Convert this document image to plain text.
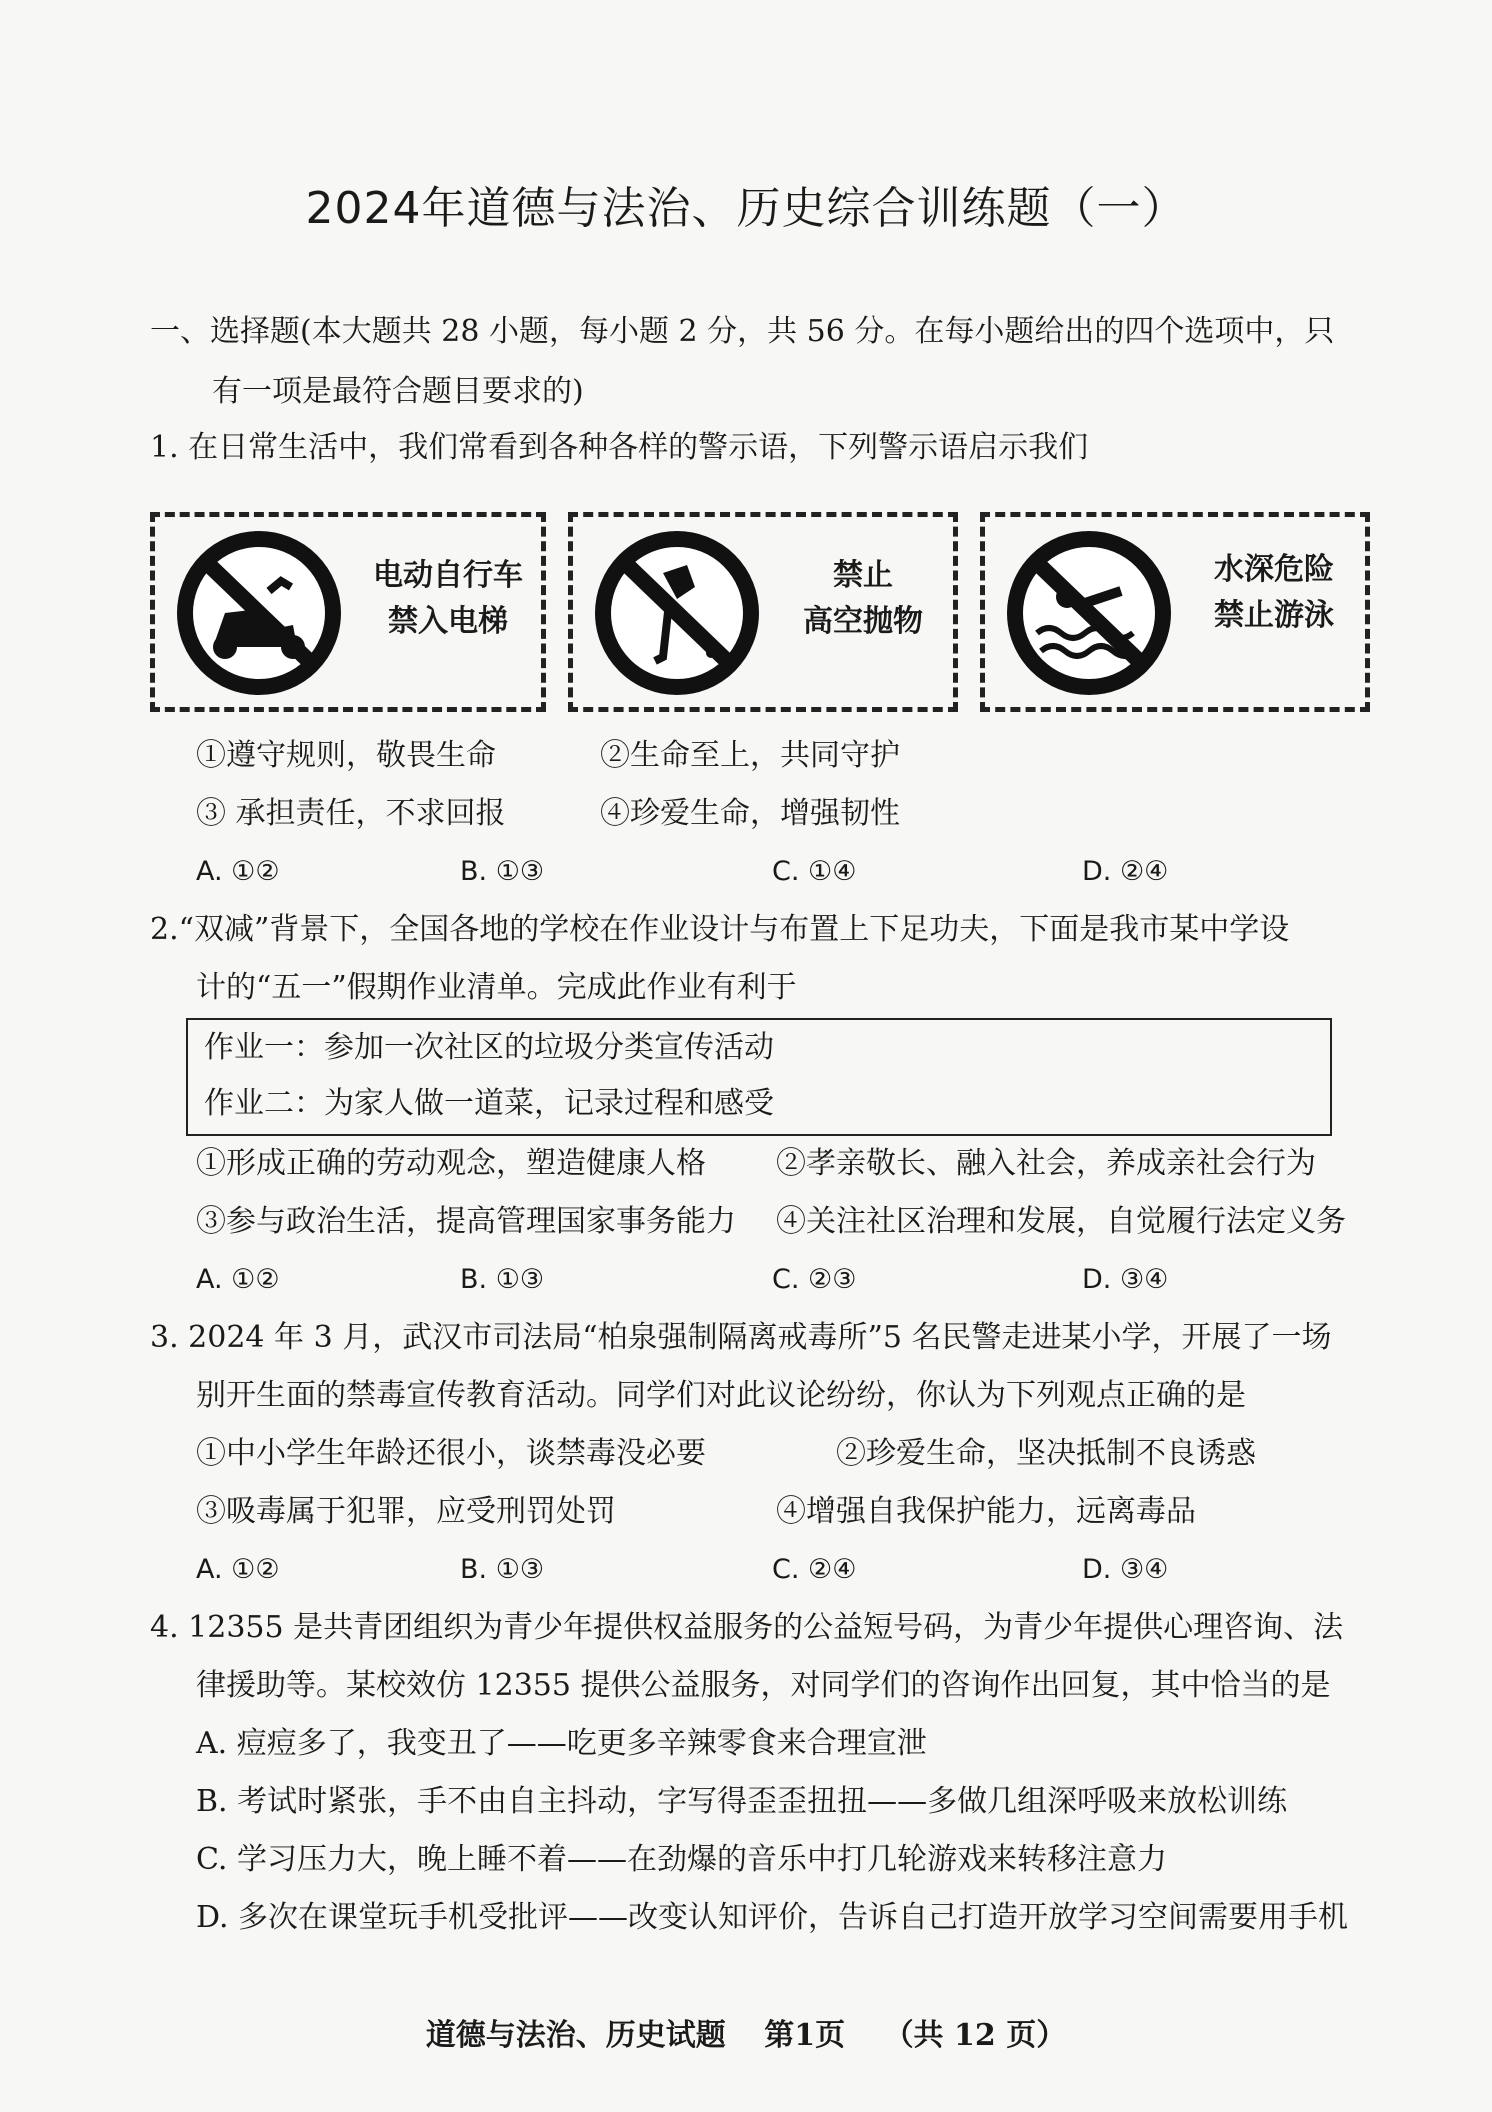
2024年道德与法治、历史综合训练题（一）
一、选择题(本大题共 28 小题，每小题 2 分，共 56 分。在每小题给出的四个选项中，只
有一项是最符合题目要求的)
1. 在日常生活中，我们常看到各种各样的警示语，下列警示语启示我们
电动自行车
禁入电梯
禁止
高空抛物
水深危险
禁止游泳
①遵守规则，敬畏生命	②生命至上，共同守护
③ 承担责任，不求回报	④珍爱生命，增强韧性
A. ①②	B. ①③	C. ①④	D. ②④
2.“双减”背景下，全国各地的学校在作业设计与布置上下足功夫，下面是我市某中学设
计的“五一”假期作业清单。完成此作业有利于
作业一：参加一次社区的垃圾分类宣传活动
作业二：为家人做一道菜，记录过程和感受
①形成正确的劳动观念，塑造健康人格 ②孝亲敬长、融入社会，养成亲社会行为
③参与政治生活，提高管理国家事务能力 ④关注社区治理和发展，自觉履行法定义务
A. ①②	B. ①③	C. ②③	D. ③④
3. 2024 年 3 月，武汉市司法局“柏泉强制隔离戒毒所”5 名民警走进某小学，开展了一场
别开生面的禁毒宣传教育活动。同学们对此议论纷纷，你认为下列观点正确的是
①中小学生年龄还很小，谈禁毒没必要	②珍爱生命，坚决抵制不良诱惑
③吸毒属于犯罪，应受刑罚处罚	④增强自我保护能力，远离毒品
A. ①②	B. ①③	C. ②④	D. ③④
4. 12355 是共青团组织为青少年提供权益服务的公益短号码，为青少年提供心理咨询、法
律援助等。某校效仿 12355 提供公益服务，对同学们的咨询作出回复，其中恰当的是
A. 痘痘多了，我变丑了——吃更多辛辣零食来合理宣泄
B. 考试时紧张，手不由自主抖动，字写得歪歪扭扭——多做几组深呼吸来放松训练
C. 学习压力大，晚上睡不着——在劲爆的音乐中打几轮游戏来转移注意力
D. 多次在课堂玩手机受批评——改变认知评价，告诉自己打造开放学习空间需要用手机
道德与法治、历史试题 第1页 （共 12 页）
